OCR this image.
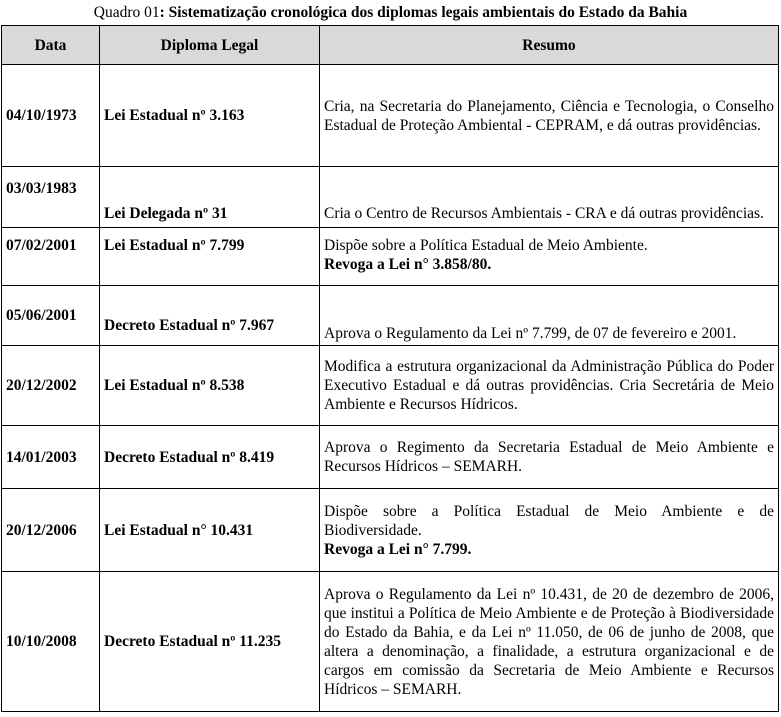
Quadro 01: Sistematização cronológica dos diplomas legais ambientais do Estado da Bahia
Data	Diploma Legal	Resumo
04/10/1973	Lei Estadual nº 3.163	Cria, na Secretaria do Planejamento, Ciência e Tecnologia, o Conselho Estadual de Proteção Ambiental - CEPRAM, e dá outras providências.

03/03/1983	Lei Delegada nº 31	Cria o Centro de Recursos Ambientais - CRA e dá outras providências.

07/02/2001	Lei Estadual nº 7.799	Dispõe sobre a Política Estadual de Meio Ambiente.
Revoga a Lei n° 3.858/80.

05/06/2001	Decreto Estadual nº 7.967	Aprova o Regulamento da Lei nº 7.799, de 07 de fevereiro e 2001.

20/12/2002	Lei Estadual nº 8.538	Modifica a estrutura organizacional da Administração Pública do Poder Executivo Estadual e dá outras providências. Cria Secretária de Meio Ambiente e Recursos Hídricos.

14/01/2003	Decreto Estadual nº 8.419	Aprova o Regimento da Secretaria Estadual de Meio Ambiente e Recursos Hídricos – SEMARH.

20/12/2006	Lei Estadual n° 10.431	Dispõe sobre a Política Estadual de Meio Ambiente e de Biodiversidade.
Revoga a Lei n° 7.799.

10/10/2008	Decreto Estadual nº 11.235	Aprova o Regulamento da Lei nº 10.431, de 20 de dezembro de 2006, que institui a Política de Meio Ambiente e de Proteção à Biodiversidade do Estado da Bahia, e da Lei nº 11.050, de 06 de junho de 2008, que altera a denominação, a finalidade, a estrutura organizacional e de cargos em comissão da Secretaria de Meio Ambiente e Recursos Hídricos – SEMARH.
